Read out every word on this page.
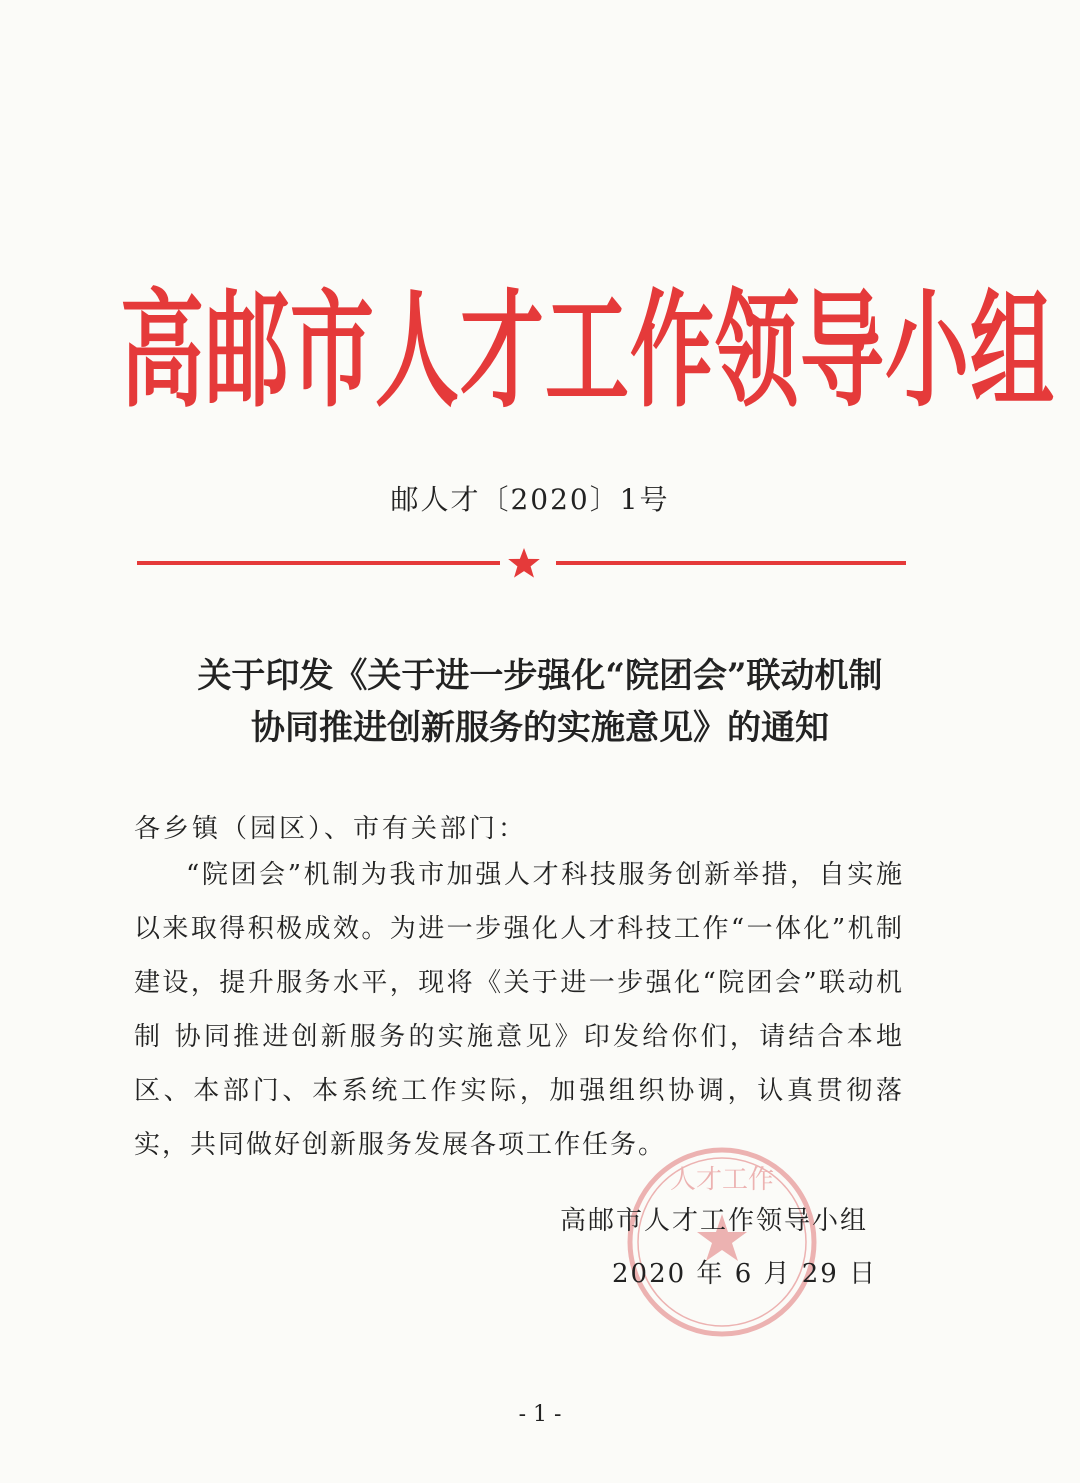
高邮市人才工作领导小组
邮人才〔2020〕1号
关于印发《关于进一步强化“院团会”联动机制
协同推进创新服务的实施意见》的通知
各乡镇（园区）、市有关部门：
“院团会”机制为我市加强人才科技服务创新举措，自实施以来取得积极成效。为进一步强化人才科技工作“一体化”机制建设，提升服务水平，现将《关于进一步强化“院团会”联动机制 协同推进创新服务的实施意见》印发给你们，请结合本地区、本部门、本系统工作实际，加强组织协调，认真贯彻落实，共同做好创新服务发展各项工作任务。
人才工作
高邮市人才工作领导小组
2020 年 6 月 29 日
- 1 -
